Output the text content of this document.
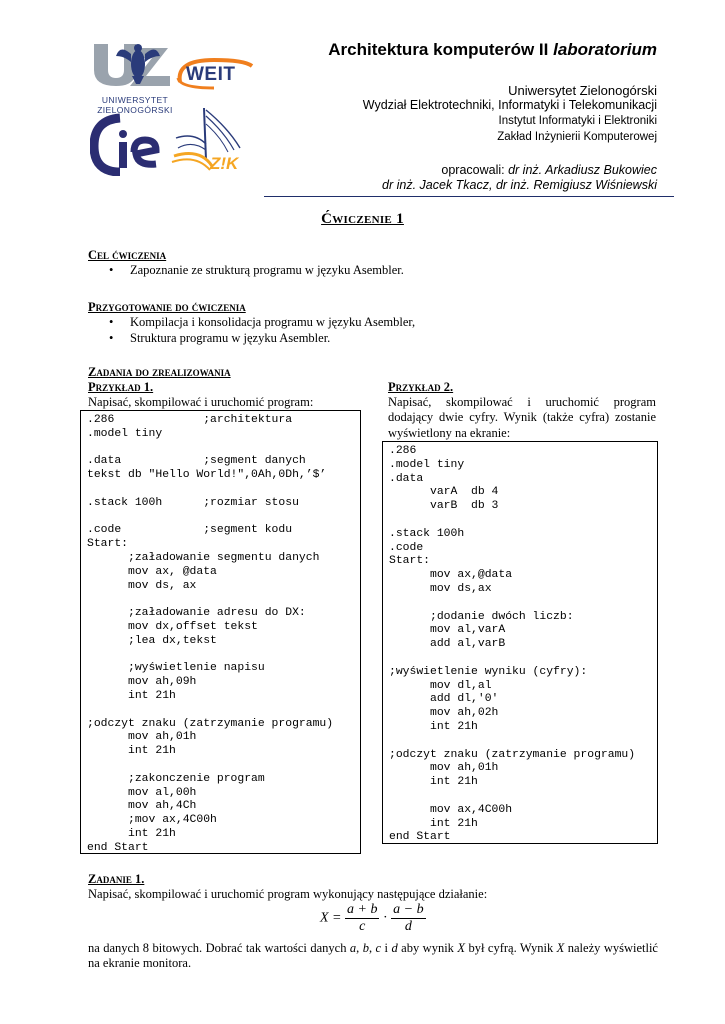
UNIWERSYTET
ZIELONOGÓRSKI
WEIT
Z!K
Architektura komputerów II laboratorium
Uniwersytet Zielonogórski
Wydział Elektrotechniki, Informatyki i Telekomunikacji
Instytut Informatyki i Elektroniki
Zakład Inżynierii Komputerowej
opracowali: dr inż. Arkadiusz Bukowiec
dr inż. Jacek Tkacz, dr inż. Remigiusz Wiśniewski
Ćwiczenie 1
Cel ćwiczenia
• Zapoznanie ze strukturą programu w języku Asembler.
Przygotowanie do ćwiczenia
• Kompilacja i konsolidacja programu w języku Asembler,
• Struktura programu w języku Asembler.
Zadania do zrealizowania
Przykład 1.
Napisać, skompilować i uruchomić program:
.286             ;architektura
.model tiny

.data            ;segment danych
tekst db "Hello World!",0Ah,0Dh,’$’

.stack 100h      ;rozmiar stosu

.code            ;segment kodu
Start:
;załadowanie segmentu danych
mov ax, @data
mov ds, ax

;załadowanie adresu do DX:
mov dx,offset tekst
;lea dx,tekst

;wyświetlenie napisu
mov ah,09h
int 21h

;odczyt znaku (zatrzymanie programu)
mov ah,01h
int 21h

;zakonczenie program
mov al,00h
mov ah,4Ch
;mov ax,4C00h
int 21h
end Start
Przykład 2.
Napisać, skompilować i uruchomić program dodający dwie cyfry. Wynik (także cyfra) zostanie wyświetlony na ekranie:
.286
.model tiny
.data
varA  db 4
varB  db 3

.stack 100h
.code
Start:
mov ax,@data
mov ds,ax

;dodanie dwóch liczb:
mov al,varA
add al,varB

;wyświetlenie wyniku (cyfry):
mov dl,al
add dl,'0'
mov ah,02h
int 21h

;odczyt znaku (zatrzymanie programu)
mov ah,01h
int 21h

mov ax,4C00h
int 21h
end Start
Zadanie 1.
Napisać, skompilować i uruchomić program wykonujący następujące działanie:
$X = \frac{a + b}{c} \cdot \frac{a - b}{d}$
na danych 8 bitowych. Dobrać tak wartości danych a, b, c i d aby wynik X był cyfrą. Wynik X należy wyświetlić na ekranie monitora.
